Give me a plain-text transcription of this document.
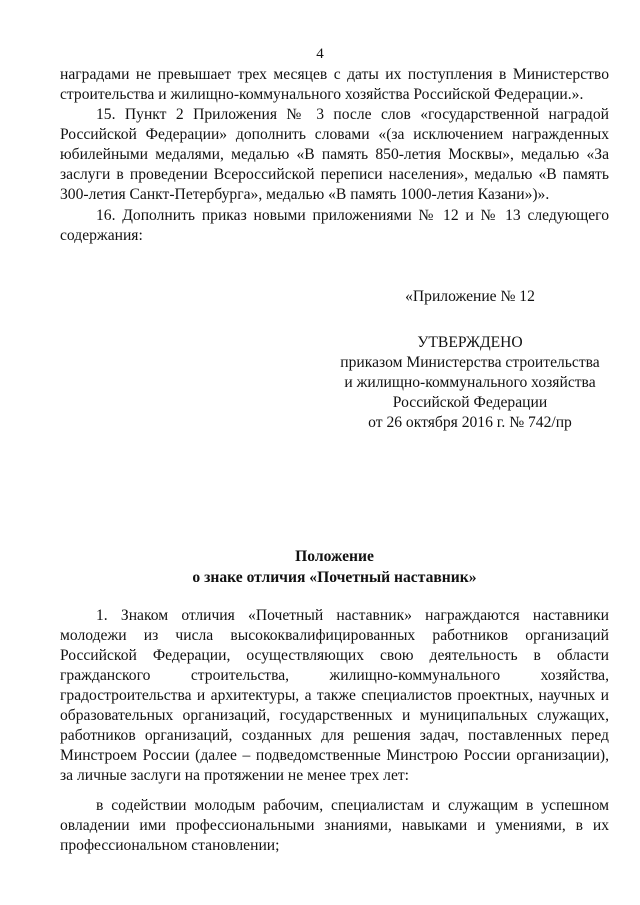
4

наградами не превышает трех месяцев с даты их поступления в Министерство строительства и жилищно-коммунального хозяйства Российской Федерации.».

15. Пункт 2 Приложения № 3 после слов «государственной наградой Российской Федерации» дополнить словами «(за исключением награжденных юбилейными медалями, медалью «В память 850-летия Москвы», медалью «За заслуги в проведении Всероссийской переписи населения», медалью «В память 300-летия Санкт-Петербурга», медалью «В память 1000-летия Казани»)».

16. Дополнить приказ новыми приложениями № 12 и № 13 следующего содержания:

«Приложение № 12
УТВЕРЖДЕНО
приказом Министерства строительства
и жилищно-коммунального хозяйства
Российской Федерации
от 26 октября 2016 г. № 742/пр
Положение
о знаке отличия «Почетный наставник»

1. Знаком отличия «Почетный наставник» награждаются наставники молодежи из числа высококвалифицированных работников организаций Российской Федерации, осуществляющих свою деятельность в области гражданского строительства, жилищно-коммунального хозяйства, градостроительства и архитектуры, а также специалистов проектных, научных и образовательных организаций, государственных и муниципальных служащих, работников организаций, созданных для решения задач, поставленных перед Минстроем России (далее – подведомственные Минстрою России организации), за личные заслуги на протяжении не менее трех лет:

в содействии молодым рабочим, специалистам и служащим в успешном овладении ими профессиональными знаниями, навыками и умениями, в их профессиональном становлении;
